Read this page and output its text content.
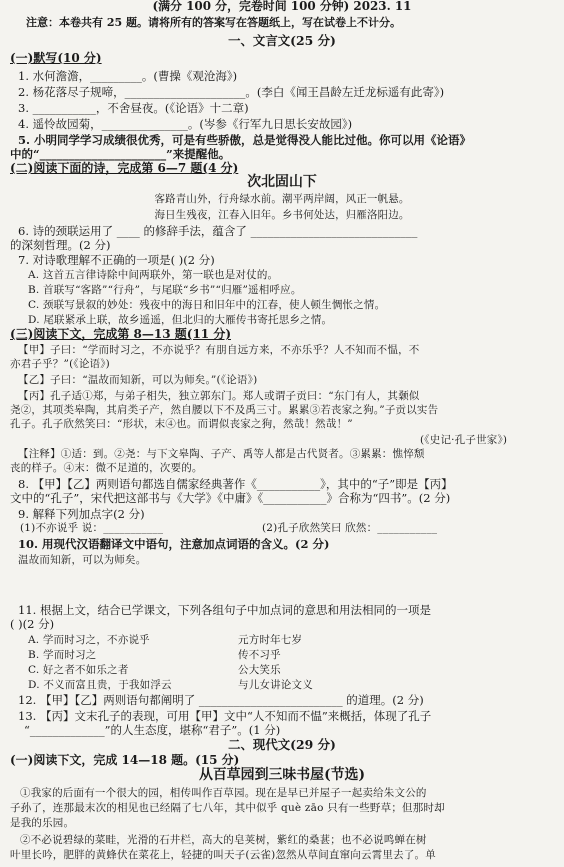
(满分 100 分，完卷时间 100 分钟) 2023. 11
注意：本卷共有 25 题。请将所有的答案写在答题纸上，写在试卷上不计分。
一、文言文(25 分)
(一)默写(10 分)
1. 水何澹澹，_________。(曹操《观沧海》)
2. 杨花落尽子规啼，_____________________。(李白《闻王昌龄左迁龙标遥有此寄》)
3. ___________，不舍昼夜。(《论语》十二章)
4. 遥怜故园菊，_______________。(岑参《行军九日思长安故园》)
5. 小明同学学习成绩很优秀，可是有些骄傲，总是觉得没人能比过他。你可以用《论语》
中的“______________________”来提醒他。
(二)阅读下面的诗，完成第 6—7 题(4 分)
次北固山下
客路青山外，行舟绿水前。潮平两岸阔，风正一帆悬。
海日生残夜，江春入旧年。乡书何处达，归雁洛阳边。
6. 诗的颈联运用了 ____ 的修辞手法，蕴含了 _____________________________
的深刻哲理。(2 分)
7. 对诗歌理解不正确的一项是( )(2 分)
A. 这首五言律诗除中间两联外，第一联也是对仗的。
B. 首联写“客路”“行舟”，与尾联“乡书”“归雁”遥相呼应。
C. 颈联写景叙的妙处：残夜中的海日和旧年中的江春，使人顿生惆怅之情。
D. 尾联紧承上联，故乡遥遥，但北归的大雁传书寄托思乡之情。
(三)阅读下文，完成第 8—13 题(11 分)
【甲】子曰：“学而时习之，不亦说乎？有朋自远方来，不亦乐乎？人不知而不愠，不
亦君子乎？”(《论语》)
【乙】子曰：“温故而知新，可以为师矣。”(《论语》)
【丙】孔子适①郑，与弟子相失，独立郭东门。郑人或谓子贡曰：“东门有人，其颡似
尧②，其项类皋陶，其肩类子产，然自腰以下不及禹三寸。累累③若丧家之狗。”子贡以实告
孔子。孔子欣然笑曰：“形状，末④也。而谓似丧家之狗，然哉！然哉！”
(《史记·孔子世家》)
【注释】①适：到。②尧：与下文皋陶、子产、禹等人都是古代贤者。③累累：憔悴颓
丧的样子。④末：微不足道的，次要的。
8. 【甲】【乙】两则语句都选自儒家经典著作《___________》，其中的“子”即是【丙】
文中的“孔子”，宋代把这部书与《大学》《中庸》《___________》合称为“四书”。(2 分)
9. 解释下列加点字(2 分)
(1)不亦说乎 说：___________	(2)孔子欣然笑曰 欣然：___________
10. 用现代汉语翻译文中语句，注意加点词语的含义。(2 分)
温故而知新，可以为师矣。
11. 根据上文，结合已学课文，下列各组句子中加点词的意思和用法相同的一项是
( )(2 分)
A. 学而时习之，不亦说乎	元方时年七岁
B. 学而时习之	传不习乎
C. 好之者不如乐之者	公大笑乐
D. 不义而富且贵，于我如浮云	与儿女讲论文义
12. 【甲】【乙】两则语句都阐明了 _________________________ 的道理。(2 分)
13. 【丙】文末孔子的表现，可用【甲】文中“人不知而不愠”来概括，体现了孔子
“_____________”的人生态度，堪称“君子”。(1 分)
二、现代文(29 分)
(一)阅读下文，完成 14—18 题。(15 分)
从百草园到三味书屋(节选)
①我家的后面有一个很大的园，相传叫作百草园。现在是早已并屋子一起卖给朱文公的
子孙了，连那最末次的相见也已经隔了七八年，其中似乎 què zāo 只有一些野草；但那时却
是我的乐园。
②不必说碧绿的菜畦，光滑的石井栏，高大的皂荚树，紫红的桑葚；也不必说鸣蝉在树
叶里长吟，肥胖的黄蜂伏在菜花上，轻捷的叫天子(云雀)忽然从草间直窜向云霄里去了。单
